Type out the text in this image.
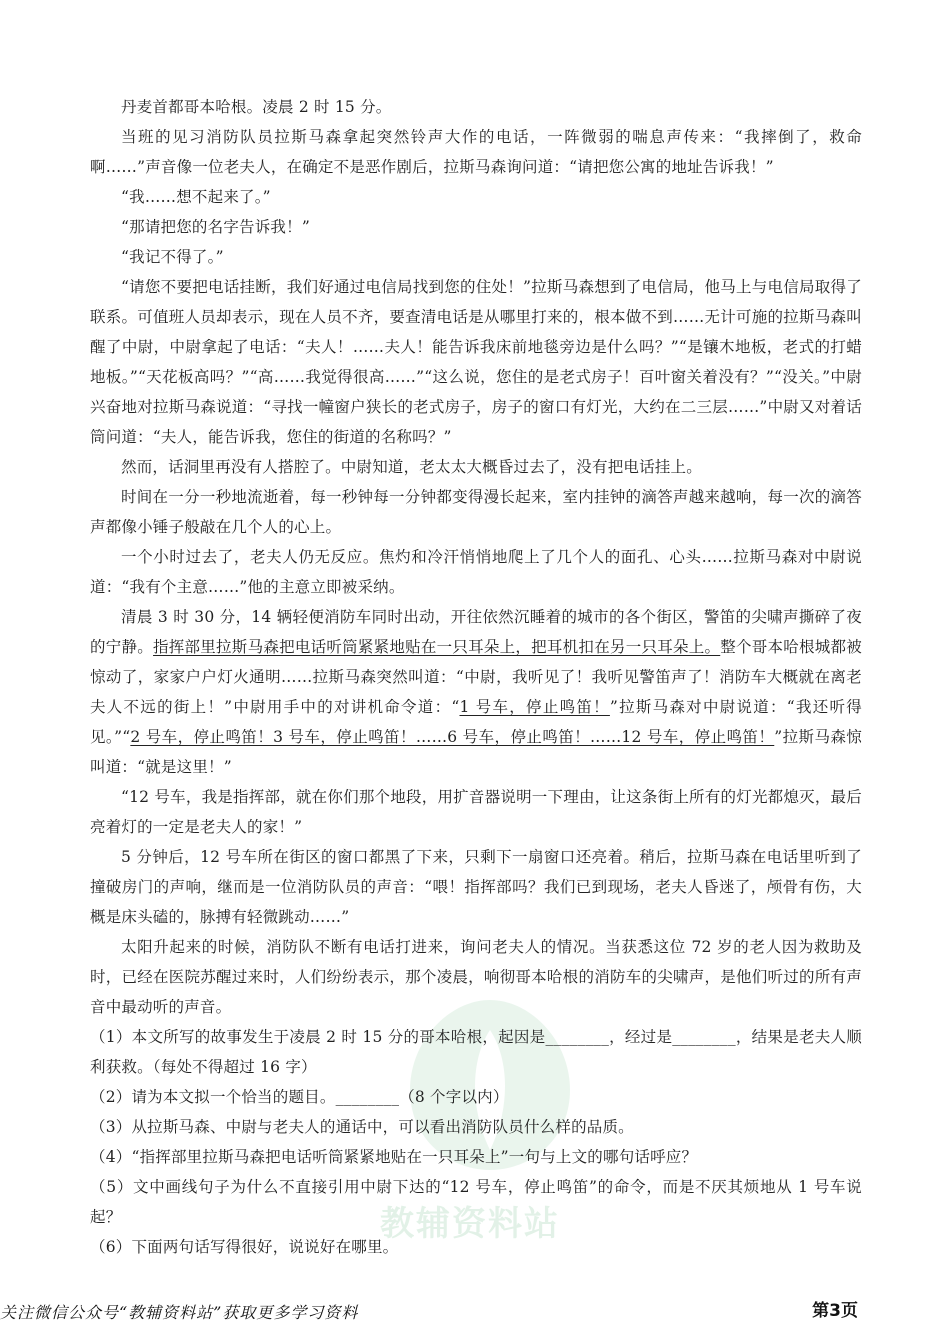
教辅资料站

丹麦首都哥本哈根。凌晨 2 时 15 分。

当班的见习消防队员拉斯马森拿起突然铃声大作的电话，一阵微弱的喘息声传来：“我摔倒了，救命啊……”声音像一位老夫人，在确定不是恶作剧后，拉斯马森询问道：“请把您公寓的地址告诉我！”

“我……想不起来了。”

“那请把您的名字告诉我！”

“我记不得了。”

“请您不要把电话挂断，我们好通过电信局找到您的住处！”拉斯马森想到了电信局，他马上与电信局取得了联系。可值班人员却表示，现在人员不齐，要查清电话是从哪里打来的，根本做不到……无计可施的拉斯马森叫醒了中尉，中尉拿起了电话：“夫人！……夫人！能告诉我床前地毯旁边是什么吗？”“是镶木地板，老式的打蜡地板。”“天花板高吗？”“高……我觉得很高……”“这么说，您住的是老式房子！百叶窗关着没有？”“没关。”中尉兴奋地对拉斯马森说道：“寻找一幢窗户狭长的老式房子，房子的窗口有灯光，大约在二三层……”中尉又对着话筒问道：“夫人，能告诉我，您住的街道的名称吗？”

然而，话洞里再没有人搭腔了。中尉知道，老太太大概昏过去了，没有把电话挂上。

时间在一分一秒地流逝着，每一秒钟每一分钟都变得漫长起来，室内挂钟的滴答声越来越响，每一次的滴答声都像小锤子般敲在几个人的心上。

一个小时过去了，老夫人仍无反应。焦灼和冷汗悄悄地爬上了几个人的面孔、心头……拉斯马森对中尉说道：“我有个主意……”他的主意立即被采纳。

清晨 3 时 30 分，14 辆轻便消防车同时出动，开往依然沉睡着的城市的各个街区，警笛的尖啸声撕碎了夜的宁静。指挥部里拉斯马森把电话听筒紧紧地贴在一只耳朵上，把耳机扣在另一只耳朵上。整个哥本哈根城都被惊动了，家家户户灯火通明……拉斯马森突然叫道：“中尉，我听见了！我听见警笛声了！消防车大概就在离老夫人不远的街上！”中尉用手中的对讲机命令道：“1 号车，停止鸣笛！”拉斯马森对中尉说道：“我还听得见。”“2 号车，停止鸣笛！3 号车，停止鸣笛！……6 号车，停止鸣笛！……12 号车，停止鸣笛！”拉斯马森惊叫道：“就是这里！”

“12 号车，我是指挥部，就在你们那个地段，用扩音器说明一下理由，让这条街上所有的灯光都熄灭，最后亮着灯的一定是老夫人的家！”

5 分钟后，12 号车所在街区的窗口都黑了下来，只剩下一扇窗口还亮着。稍后，拉斯马森在电话里听到了撞破房门的声响，继而是一位消防队员的声音：“喂！指挥部吗？我们已到现场，老夫人昏迷了，颅骨有伤，大概是床头磕的，脉搏有轻微跳动……”

太阳升起来的时候，消防队不断有电话打进来，询问老夫人的情况。当获悉这位 72 岁的老人因为救助及时，已经在医院苏醒过来时，人们纷纷表示，那个凌晨，响彻哥本哈根的消防车的尖啸声，是他们听过的所有声音中最动听的声音。

（1）本文所写的故事发生于凌晨 2 时 15 分的哥本哈根，起因是________，经过是________，结果是老夫人顺利获救。（每处不得超过 16 字）

（2）请为本文拟一个恰当的题目。________（8 个字以内）

（3）从拉斯马森、中尉与老夫人的通话中，可以看出消防队员什么样的品质。

（4）“指挥部里拉斯马森把电话听筒紧紧地贴在一只耳朵上”一句与上文的哪句话呼应？

（5）文中画线句子为什么不直接引用中尉下达的“12 号车，停止鸣笛”的命令，而是不厌其烦地从 1 号车说起？

（6）下面两句话写得很好，说说好在哪里。

关注微信公众号“教辅资料站”获取更多学习资料	第3页
